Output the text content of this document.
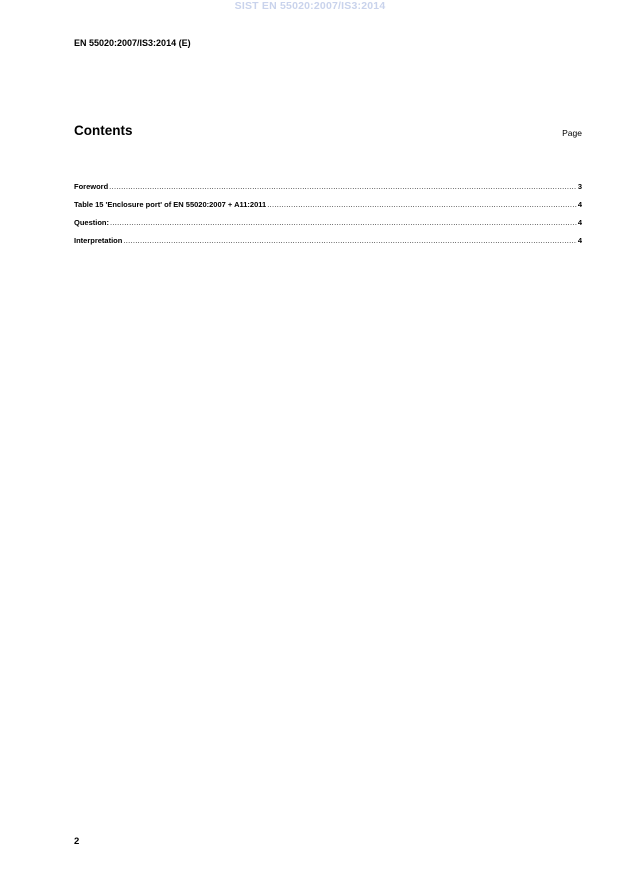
SIST EN 55020:2007/IS3:2014
EN 55020:2007/IS3:2014 (E)
Contents	Page
Foreword .....	3
Table 15 'Enclosure port' of EN 55020:2007 + A11:2011 .....	4
Question: .....	4
Interpretation .....	4
2
